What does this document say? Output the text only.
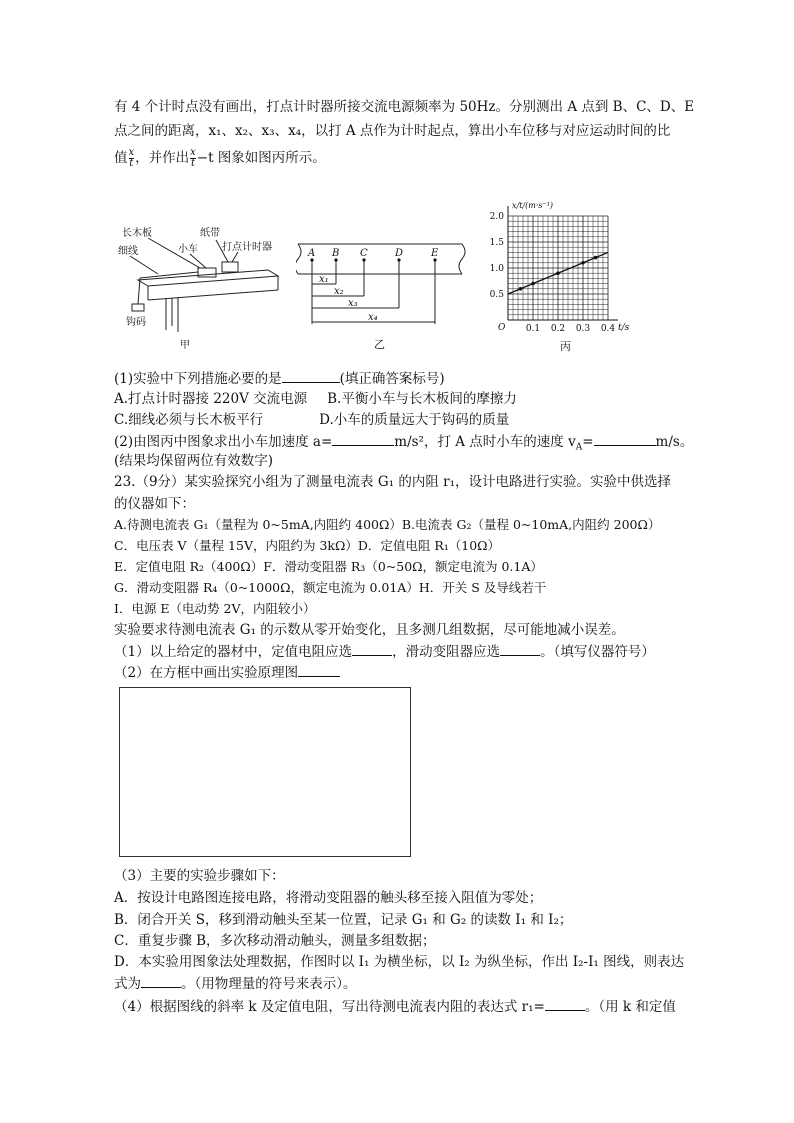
有 4 个计时点没有画出，打点计时器所接交流电源频率为 50Hz。分别测出 A 点到 B、C、D、E
点之间的距离，x₁、x₂、x₃、x₄，以打 A 点作为计时起点，算出小车位移与对应运动时间的比
值 $\frac{x}{t}$ ，并作出 $\frac{x}{t} -t$ 图象如图丙所示。
长木板	纸带
细线	小车 打点计时器
钩码
甲
A B C	D	E
x₁
x₂
x₃
x₄
乙
0.5
1.0
1.5
2.0
0.1 0.2 0.3 0.4
x/t/(m·s⁻¹)
t/s
O
丙
(1)实验中下列措施必要的是	(填正确答案标号)
A.打点计时器接 220V 交流电源 B.平衡小车与长木板间的摩擦力
C.细线必须与长木板平行	D.小车的质量远大于钩码的质量
(2)由图丙中图象求出小车加速度 a=	m/s²，打 A 点时小车的速度 $v_A=$	m/s。
(结果均保留两位有效数字)
23.（9分）某实验探究小组为了测量电流表 G₁ 的内阻 r₁，设计电路进行实验。实验中供选择
的仪器如下：
A.待测电流表 G₁（量程为 0~5mA,内阻约 400Ω）B.电流表 G₂（量程 0~10mA,内阻约 200Ω）
C．电压表 V（量程 15V，内阻约为 3kΩ）D．定值电阻 R₁（10Ω）
E．定值电阻 R₂（400Ω）F．滑动变阻器 R₃（0~50Ω，额定电流为 0.1A）
G．滑动变阻器 R₄（0~1000Ω，额定电流为 0.01A）H．开关 S 及导线若干
I．电源 E（电动势 2V，内阻较小）
实验要求待测电流表 G₁ 的示数从零开始变化，且多测几组数据，尽可能地减小误差。
（1）以上给定的器材中，定值电阻应选	，滑动变阻器应选	。（填写仪器符号）
（2）在方框中画出实验原理图
（3）主要的实验步骤如下：
A．按设计电路图连接电路，将滑动变阻器的触头移至接入阻值为零处；
B．闭合开关 S，移到滑动触头至某一位置，记录 G₁ 和 G₂ 的读数 I₁ 和 I₂；
C．重复步骤 B，多次移动滑动触头，测量多组数据；
D．本实验用图象法处理数据，作图时以 I₁ 为横坐标，以 I₂ 为纵坐标，作出 I₂-I₁ 图线，则表达
式为	。（用物理量的符号来表示）。
（4）根据图线的斜率 k 及定值电阻，写出待测电流表内阻的表达式 r₁=	。（用 k 和定值
